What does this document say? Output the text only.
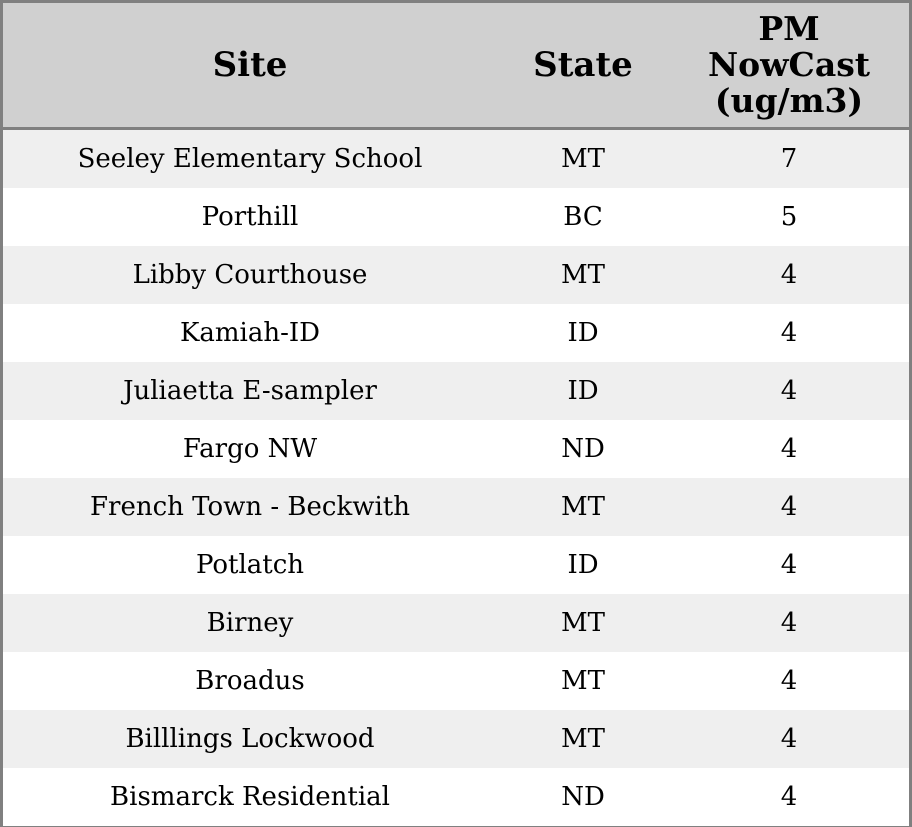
Site	State	PM
NowCast
(ug/m3)

Seeley Elementary School	MT	7
Porthill	BC	5
Libby Courthouse	MT	4
Kamiah-ID	ID	4
Juliaetta E-sampler	ID	4
Fargo NW	ND	4
French Town - Beckwith	MT	4
Potlatch	ID	4
Birney	MT	4
Broadus	MT	4
Billlings Lockwood	MT	4
Bismarck Residential	ND	4
